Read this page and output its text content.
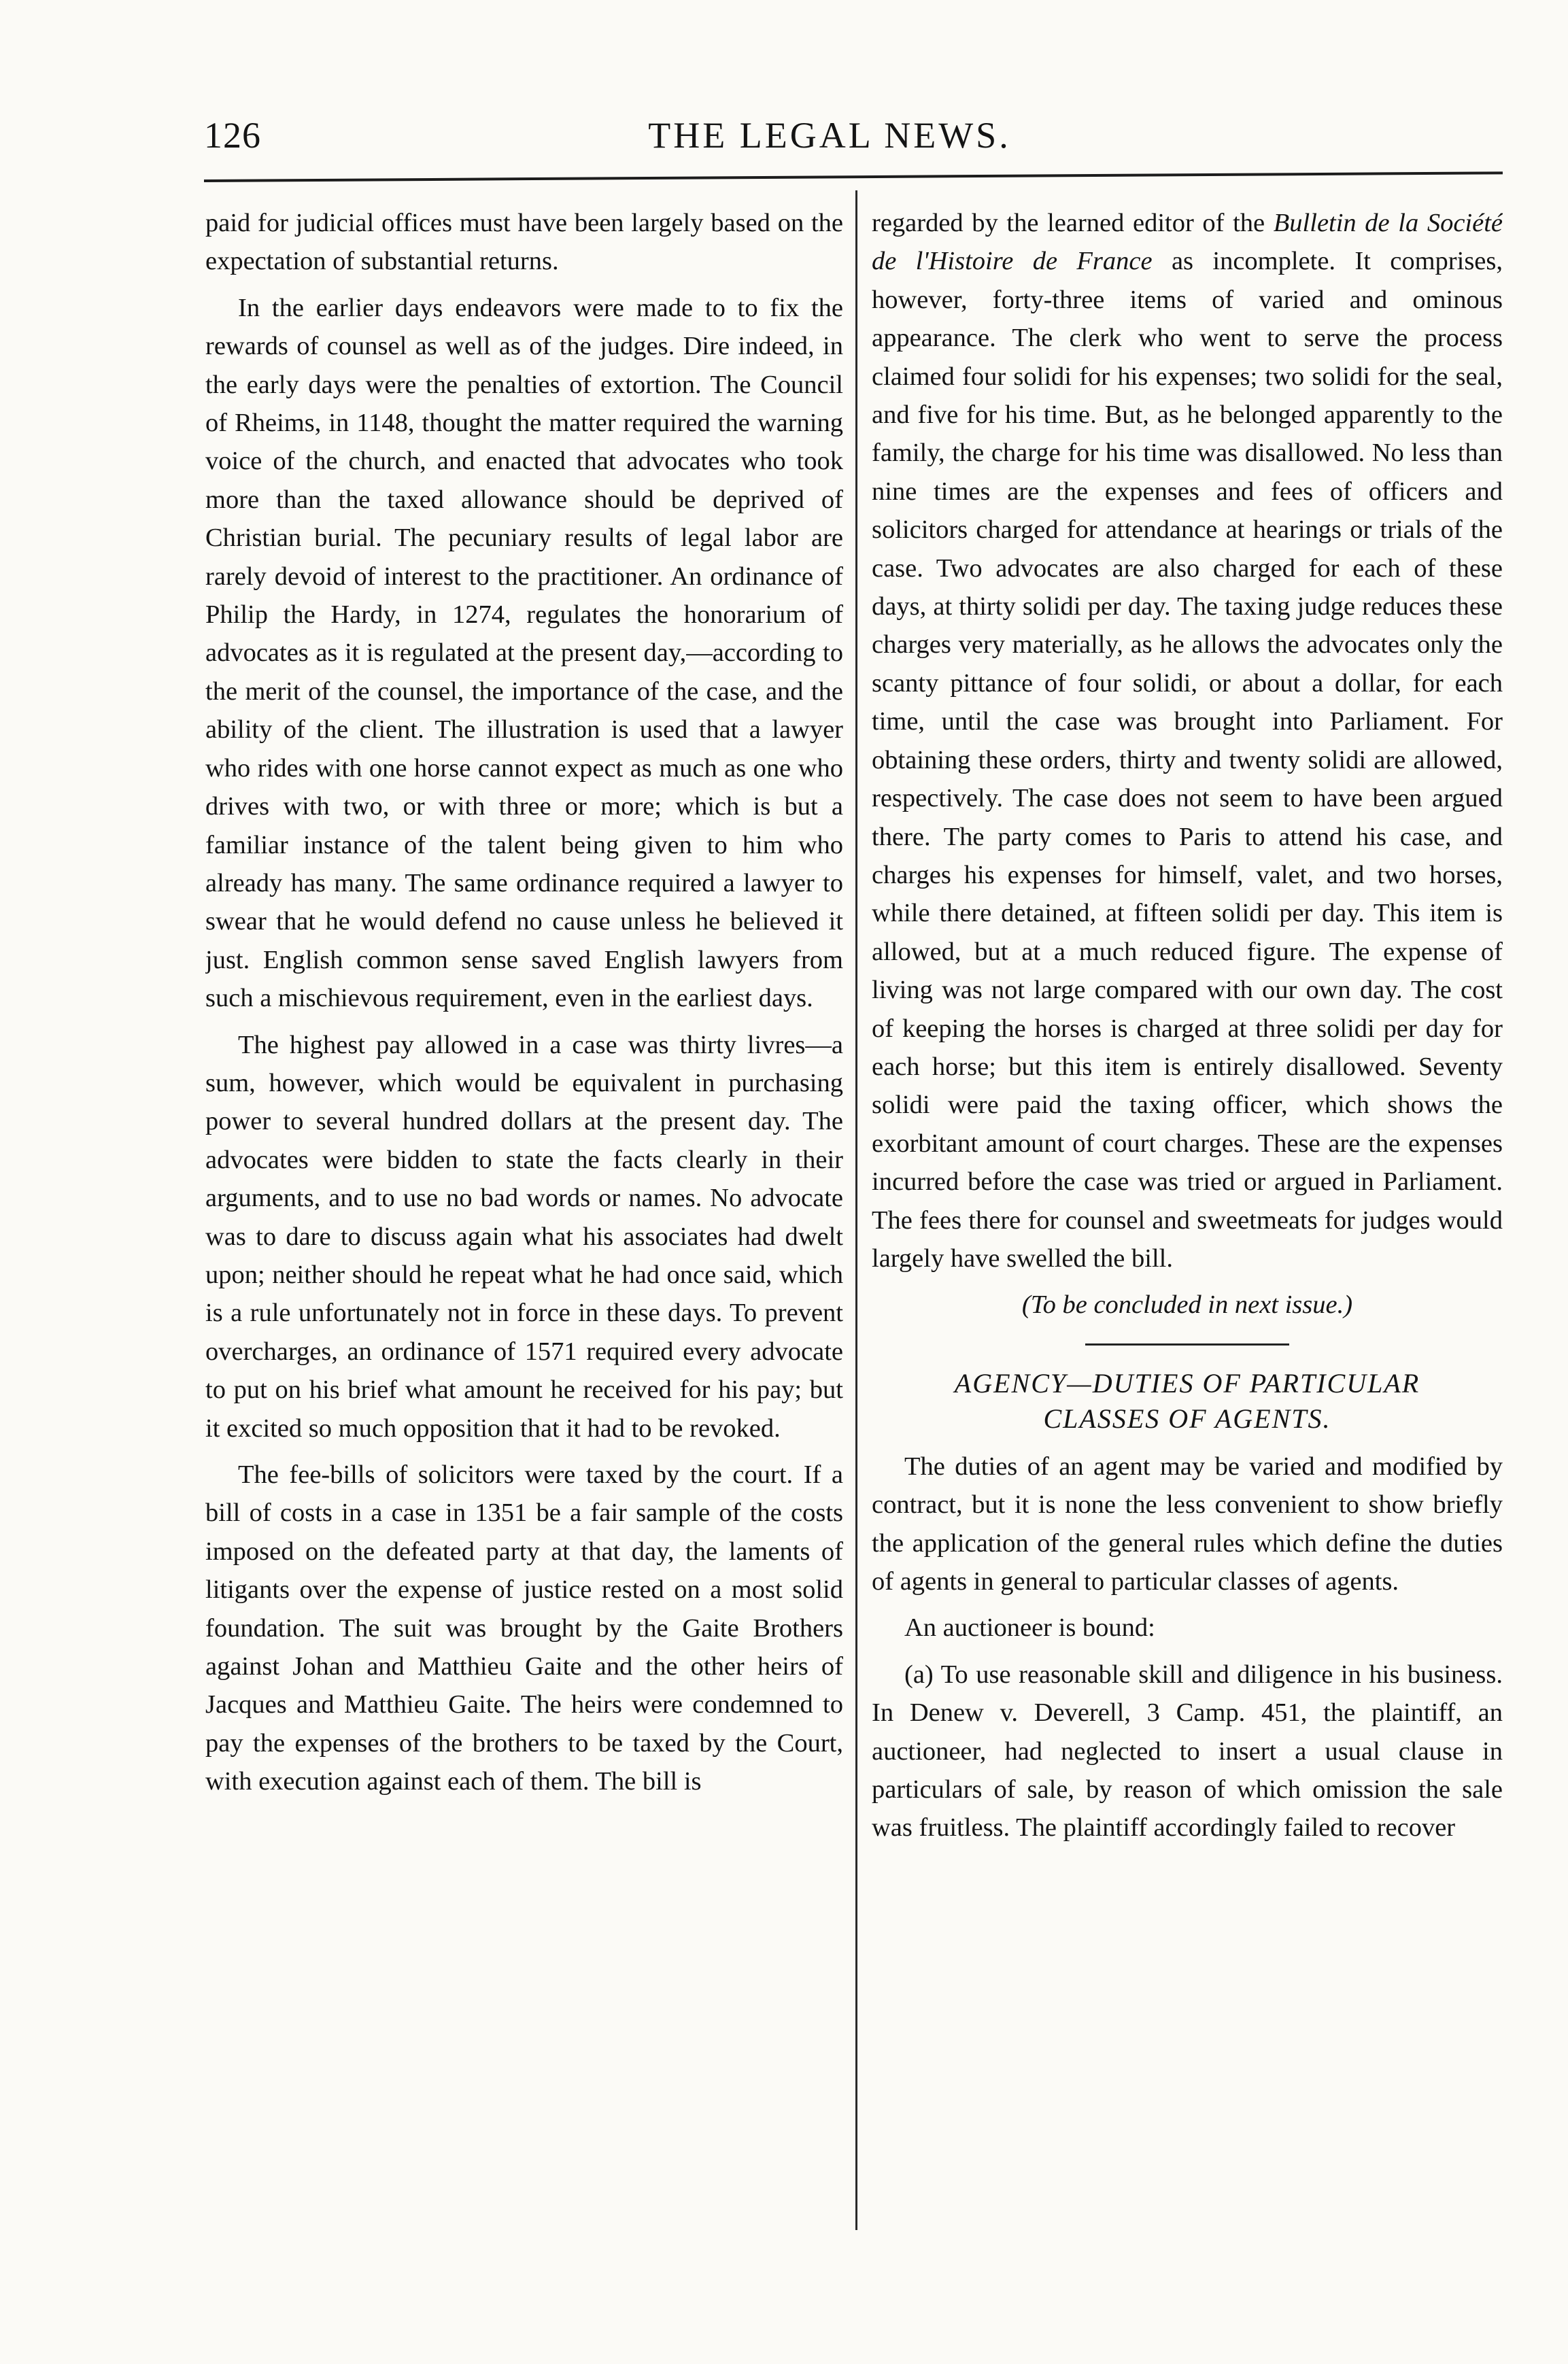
126	THE LEGAL NEWS.

paid for judicial offices must have been largely based on the expectation of substantial returns.

In the earlier days endeavors were made to to fix the rewards of counsel as well as of the judges. Dire indeed, in the early days were the penalties of extortion. The Council of Rheims, in 1148, thought the matter required the warning voice of the church, and enacted that advocates who took more than the taxed allowance should be deprived of Christian burial. The pecuniary results of legal labor are rarely devoid of interest to the practitioner. An ordinance of Philip the Hardy, in 1274, regulates the honorarium of advocates as it is regulated at the present day,—according to the merit of the counsel, the importance of the case, and the ability of the client. The illustration is used that a lawyer who rides with one horse cannot expect as much as one who drives with two, or with three or more; which is but a familiar instance of the talent being given to him who already has many. The same ordinance required a lawyer to swear that he would defend no cause unless he believed it just. English common sense saved English lawyers from such a mischievous requirement, even in the earliest days.

The highest pay allowed in a case was thirty livres—a sum, however, which would be equivalent in purchasing power to several hundred dollars at the present day. The advocates were bidden to state the facts clearly in their arguments, and to use no bad words or names. No advocate was to dare to discuss again what his associates had dwelt upon; neither should he repeat what he had once said, which is a rule unfortunately not in force in these days. To prevent overcharges, an ordinance of 1571 required every advocate to put on his brief what amount he received for his pay; but it excited so much opposition that it had to be revoked.

The fee-bills of solicitors were taxed by the court. If a bill of costs in a case in 1351 be a fair sample of the costs imposed on the defeated party at that day, the laments of litigants over the expense of justice rested on a most solid foundation. The suit was brought by the Gaite Brothers against Johan and Matthieu Gaite and the other heirs of Jacques and Matthieu Gaite. The heirs were condemned to pay the expenses of the brothers to be taxed by the Court, with execution against each of them. The bill is

regarded by the learned editor of the Bulletin de la Société de l'Histoire de France as incomplete. It comprises, however, forty-three items of varied and ominous appearance. The clerk who went to serve the process claimed four solidi for his expenses; two solidi for the seal, and five for his time. But, as he belonged apparently to the family, the charge for his time was disallowed. No less than nine times are the expenses and fees of officers and solicitors charged for attendance at hearings or trials of the case. Two advocates are also charged for each of these days, at thirty solidi per day. The taxing judge reduces these charges very materially, as he allows the advocates only the scanty pittance of four solidi, or about a dollar, for each time, until the case was brought into Parliament. For obtaining these orders, thirty and twenty solidi are allowed, respectively. The case does not seem to have been argued there. The party comes to Paris to attend his case, and charges his expenses for himself, valet, and two horses, while there detained, at fifteen solidi per day. This item is allowed, but at a much reduced figure. The expense of living was not large compared with our own day. The cost of keeping the horses is charged at three solidi per day for each horse; but this item is entirely disallowed. Seventy solidi were paid the taxing officer, which shows the exorbitant amount of court charges. These are the expenses incurred before the case was tried or argued in Parliament. The fees there for counsel and sweetmeats for judges would largely have swelled the bill.

(To be concluded in next issue.)

AGENCY—DUTIES OF PARTICULAR
CLASSES OF AGENTS.

The duties of an agent may be varied and modified by contract, but it is none the less convenient to show briefly the application of the general rules which define the duties of agents in general to particular classes of agents.

An auctioneer is bound:

(a) To use reasonable skill and diligence in his business. In Denew v. Deverell, 3 Camp. 451, the plaintiff, an auctioneer, had neglected to insert a usual clause in particulars of sale, by reason of which omission the sale was fruitless. The plaintiff accordingly failed to recover
